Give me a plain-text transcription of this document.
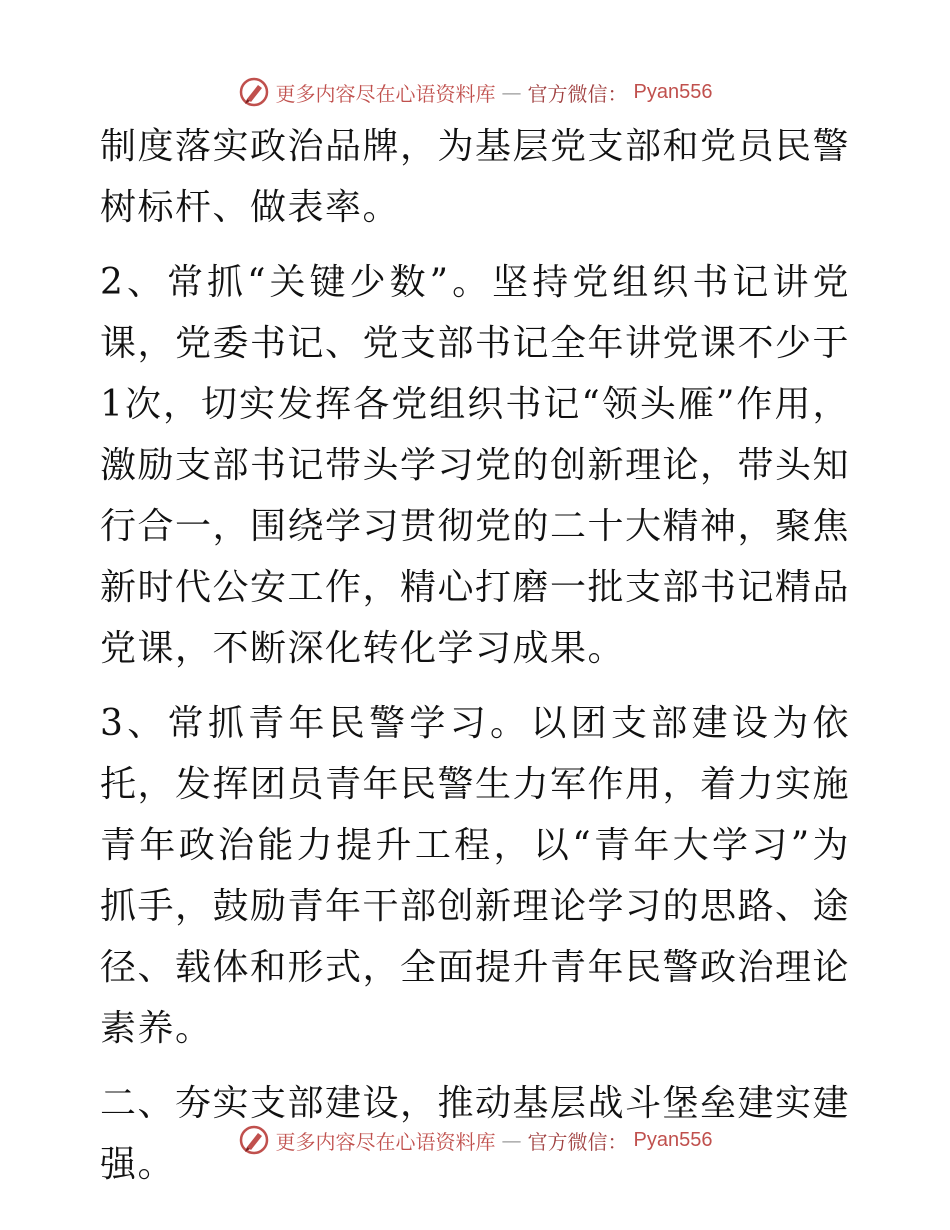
更多内容尽在心语资料库 — 官方微信： Pyan556

制度落实政治品牌，为基层党支部和党员民警树标杆、做表率。

2、常抓“关键少数”。坚持党组织书记讲党课，党委书记、党支部书记全年讲党课不少于1次，切实发挥各党组织书记“领头雁”作用，激励支部书记带头学习党的创新理论，带头知行合一，围绕学习贯彻党的二十大精神，聚焦新时代公安工作，精心打磨一批支部书记精品党课，不断深化转化学习成果。

3、常抓青年民警学习。以团支部建设为依托，发挥团员青年民警生力军作用，着力实施青年政治能力提升工程，以“青年大学习”为抓手，鼓励青年干部创新理论学习的思路、途径、载体和形式，全面提升青年民警政治理论素养。

二、夯实支部建设，推动基层战斗堡垒建实建强。

更多内容尽在心语资料库 — 官方微信： Pyan556
